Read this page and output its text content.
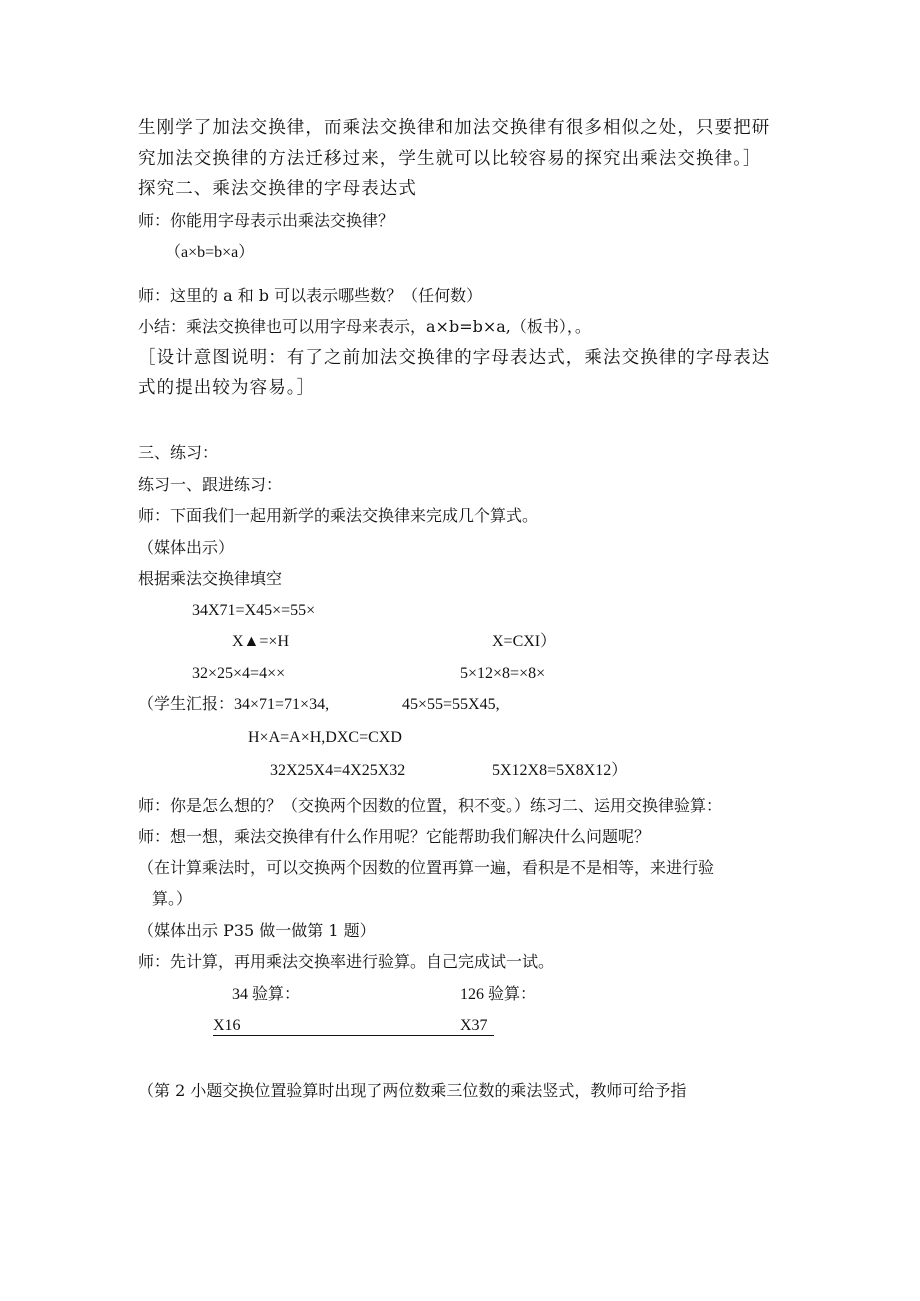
生刚学了加法交换律，而乘法交换律和加法交换律有很多相似之处，只要把研
究加法交换律的方法迁移过来，学生就可以比较容易的探究出乘法交换律。］
探究二、乘法交换律的字母表达式
师：你能用字母表示出乘法交换律？
（a×b=b×a）
师：这里的 a 和 b 可以表示哪些数？（任何数）
小结：乘法交换律也可以用字母来表示，a×b=b×a,（板书），。
［设计意图说明：有了之前加法交换律的字母表达式，乘法交换律的字母表达
式的提出较为容易。］
三、练习：
练习一、跟进练习：
师：下面我们一起用新学的乘法交换律来完成几个算式。
（媒体出示）
根据乘法交换律填空
34X71=X45×=55×
X▲=×H	X=CXI）
32×25×4=4××	5×12×8=×8×
（学生汇报：34×71=71×34,	45×55=55X45,
H×A=A×H,DXC=CXD
32X25X4=4X25X32	5X12X8=5X8X12）
师：你是怎么想的？（交换两个因数的位置，积不变。）练习二、运用交换律验算：
师：想一想，乘法交换律有什么作用呢？它能帮助我们解决什么问题呢？
（在计算乘法时，可以交换两个因数的位置再算一遍，看积是不是相等，来进行验
算。）
（媒体出示 P35 做一做第 1 题）
师：先计算，再用乘法交换率进行验算。自己完成试一试。
34 验算：	126 验算：
X16	X37
（第 2 小题交换位置验算时出现了两位数乘三位数的乘法竖式，教师可给予指
